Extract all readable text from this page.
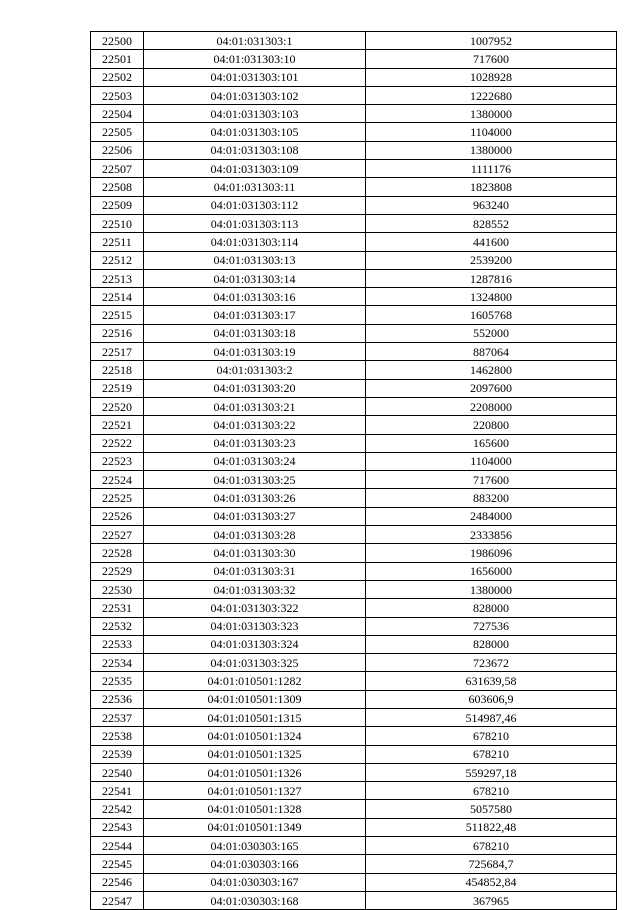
22500	04:01:031303:1	1007952
22501	04:01:031303:10	717600
22502	04:01:031303:101	1028928
22503	04:01:031303:102	1222680
22504	04:01:031303:103	1380000
22505	04:01:031303:105	1104000
22506	04:01:031303:108	1380000
22507	04:01:031303:109	1111176
22508	04:01:031303:11	1823808
22509	04:01:031303:112	963240
22510	04:01:031303:113	828552
22511	04:01:031303:114	441600
22512	04:01:031303:13	2539200
22513	04:01:031303:14	1287816
22514	04:01:031303:16	1324800
22515	04:01:031303:17	1605768
22516	04:01:031303:18	552000
22517	04:01:031303:19	887064
22518	04:01:031303:2	1462800
22519	04:01:031303:20	2097600
22520	04:01:031303:21	2208000
22521	04:01:031303:22	220800
22522	04:01:031303:23	165600
22523	04:01:031303:24	1104000
22524	04:01:031303:25	717600
22525	04:01:031303:26	883200
22526	04:01:031303:27	2484000
22527	04:01:031303:28	2333856
22528	04:01:031303:30	1986096
22529	04:01:031303:31	1656000
22530	04:01:031303:32	1380000
22531	04:01:031303:322	828000
22532	04:01:031303:323	727536
22533	04:01:031303:324	828000
22534	04:01:031303:325	723672
22535	04:01:010501:1282	631639,58
22536	04:01:010501:1309	603606,9
22537	04:01:010501:1315	514987,46
22538	04:01:010501:1324	678210
22539	04:01:010501:1325	678210
22540	04:01:010501:1326	559297,18
22541	04:01:010501:1327	678210
22542	04:01:010501:1328	5057580
22543	04:01:010501:1349	511822,48
22544	04:01:030303:165	678210
22545	04:01:030303:166	725684,7
22546	04:01:030303:167	454852,84
22547	04:01:030303:168	367965
